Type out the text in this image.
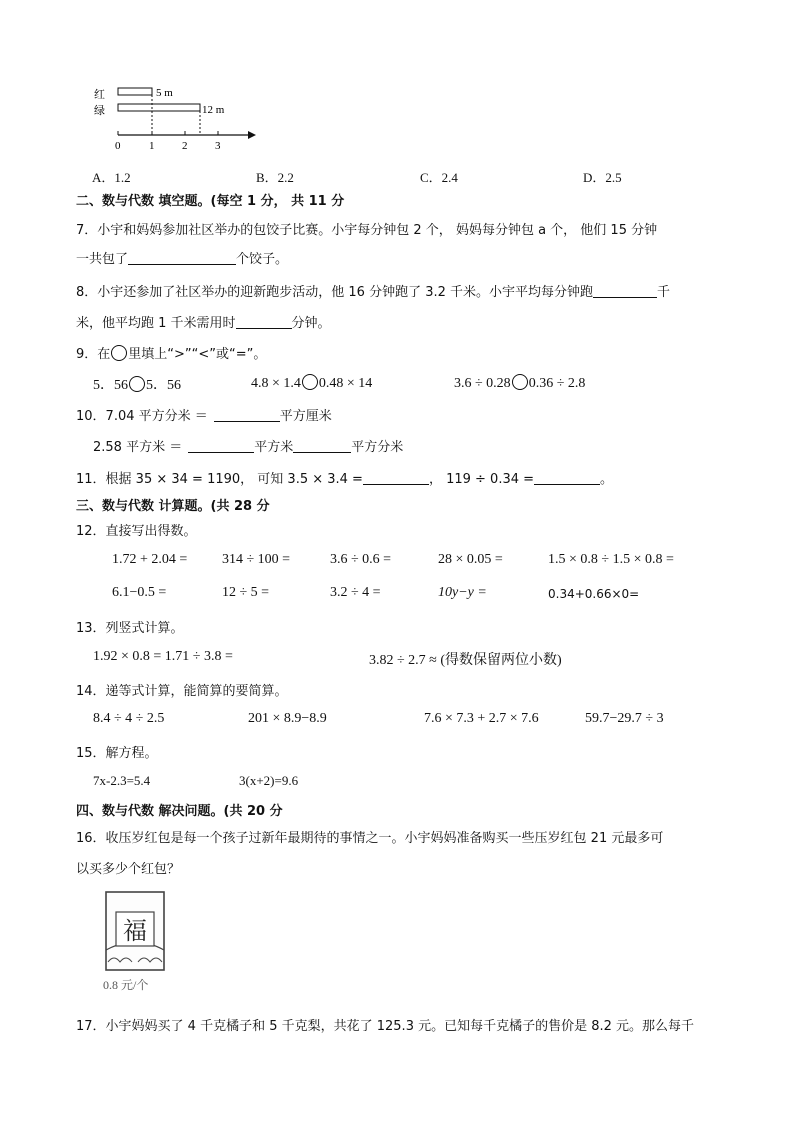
红
绿
5 m
12 m
0	1	2	3
A．1.2	B．2.2	C．2.4	D．2.5
二、数与代数 填空题。(每空 1 分， 共 11 分
7．小宇和妈妈参加社区举办的包饺子比赛。小宇每分钟包 2 个， 妈妈每分钟包 a 个， 他们 15 分钟
一共包了	个饺子。
8．小宇还参加了社区举办的迎新跑步活动，他 16 分钟跑了 3.2 千米。小宇平均每分钟跑	千
米，他平均跑 1 千米需用时	分钟。
9．在 里填上“>”“<”或“=”。
5．56 5．56	4.8 × 1.4 0.48 × 14	3.6 ÷ 0.28 0.36 ÷ 2.8
10．7.04 平方分米 ＝	平方厘米
2.58 平方米 ＝	平方米	平方分米
11．根据 35 × 34 = 1190， 可知 3.5 × 3.4 =	， 119 ÷ 0.34 =	。
三、数与代数 计算题。(共 28 分
12．直接写出得数。
1.72 + 2.04 = 314 ÷ 100 =	3.6 ÷ 0.6 =	28 × 0.05 =	1.5 × 0.8 ÷ 1.5 × 0.8 =
6.1−0.5 =	12 ÷ 5 =	3.2 ÷ 4 =	10y−y =	0.34+0.66×0=
13．列竖式计算。
1.92 × 0.8 = 1.71 ÷ 3.8 =	3.82 ÷ 2.7 ≈ (得数保留两位小数)
14．递等式计算，能简算的要简算。
8.4 ÷ 4 ÷ 2.5	201 × 8.9−8.9	7.6 × 7.3 + 2.7 × 7.6	59.7−29.7 ÷ 3
15．解方程。
7x-2.3=5.4	3(x+2)=9.6
四、数与代数 解决问题。(共 20 分
16．收压岁红包是每一个孩子过新年最期待的事情之一。小宇妈妈准备购买一些压岁红包 21 元最多可
以买多少个红包？
福
0.8 元/个
17．小宇妈妈买了 4 千克橘子和 5 千克梨，共花了 125.3 元。已知每千克橘子的售价是 8.2 元。那么每千
